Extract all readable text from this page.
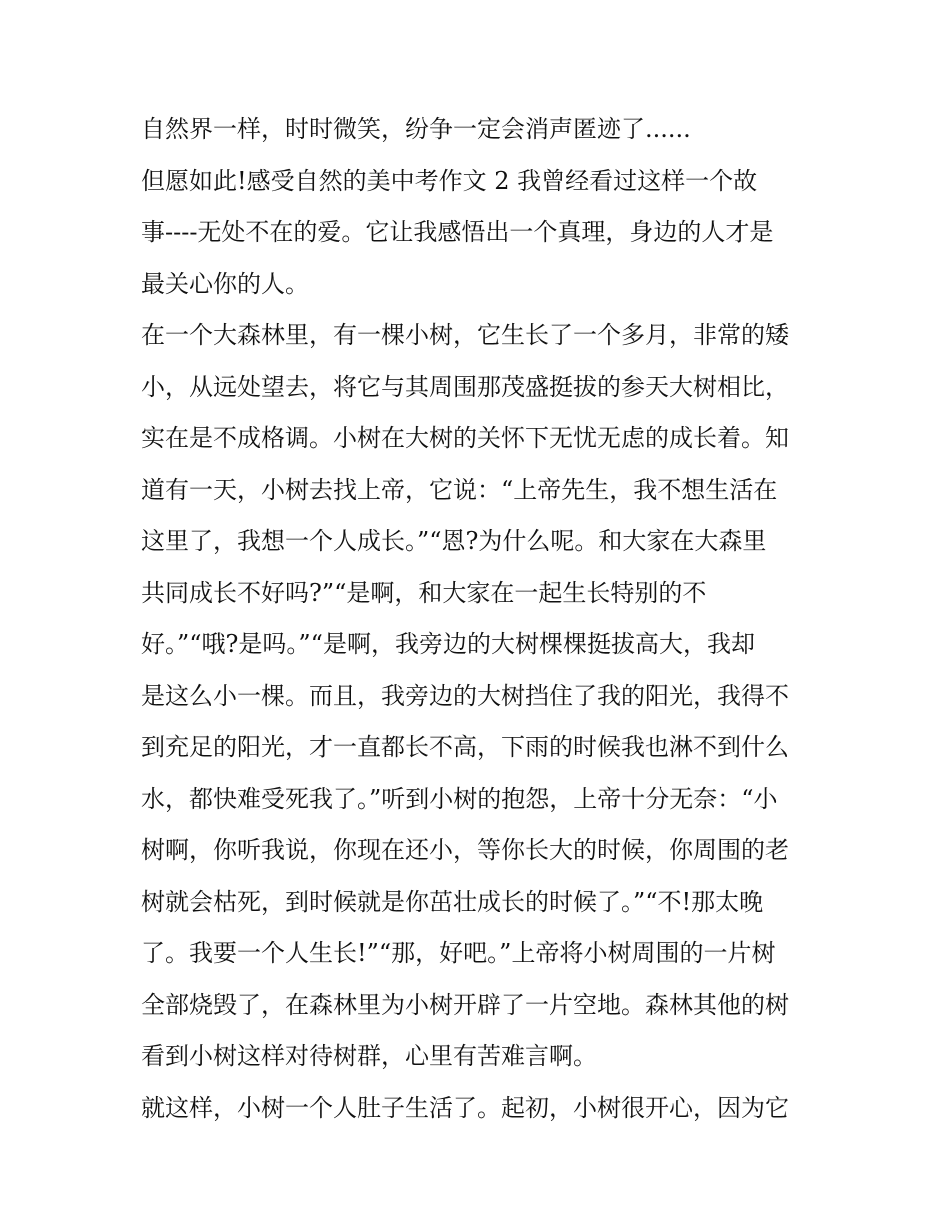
自然界一样，时时微笑，纷争一定会消声匿迹了......
但愿如此!感受自然的美中考作文 2 我曾经看过这样一个故
事----无处不在的爱。它让我感悟出一个真理，身边的人才是
最关心你的人。
在一个大森林里，有一棵小树，它生长了一个多月，非常的矮
小，从远处望去，将它与其周围那茂盛挺拔的参天大树相比，
实在是不成格调。小树在大树的关怀下无忧无虑的成长着。知
道有一天，小树去找上帝，它说：“上帝先生，我不想生活在
这里了，我想一个人成长。”“恩?为什么呢。和大家在大森里
共同成长不好吗?”“是啊，和大家在一起生长特别的不
好。”“哦?是吗。”“是啊，我旁边的大树棵棵挺拔高大，我却
是这么小一棵。而且，我旁边的大树挡住了我的阳光，我得不
到充足的阳光，才一直都长不高，下雨的时候我也淋不到什么
水，都快难受死我了。”听到小树的抱怨，上帝十分无奈：“小
树啊，你听我说，你现在还小，等你长大的时候，你周围的老
树就会枯死，到时候就是你茁壮成长的时候了。”“不!那太晚
了。我要一个人生长!”“那，好吧。”上帝将小树周围的一片树
全部烧毁了，在森林里为小树开辟了一片空地。森林其他的树
看到小树这样对待树群，心里有苦难言啊。
就这样，小树一个人肚子生活了。起初，小树很开心，因为它
